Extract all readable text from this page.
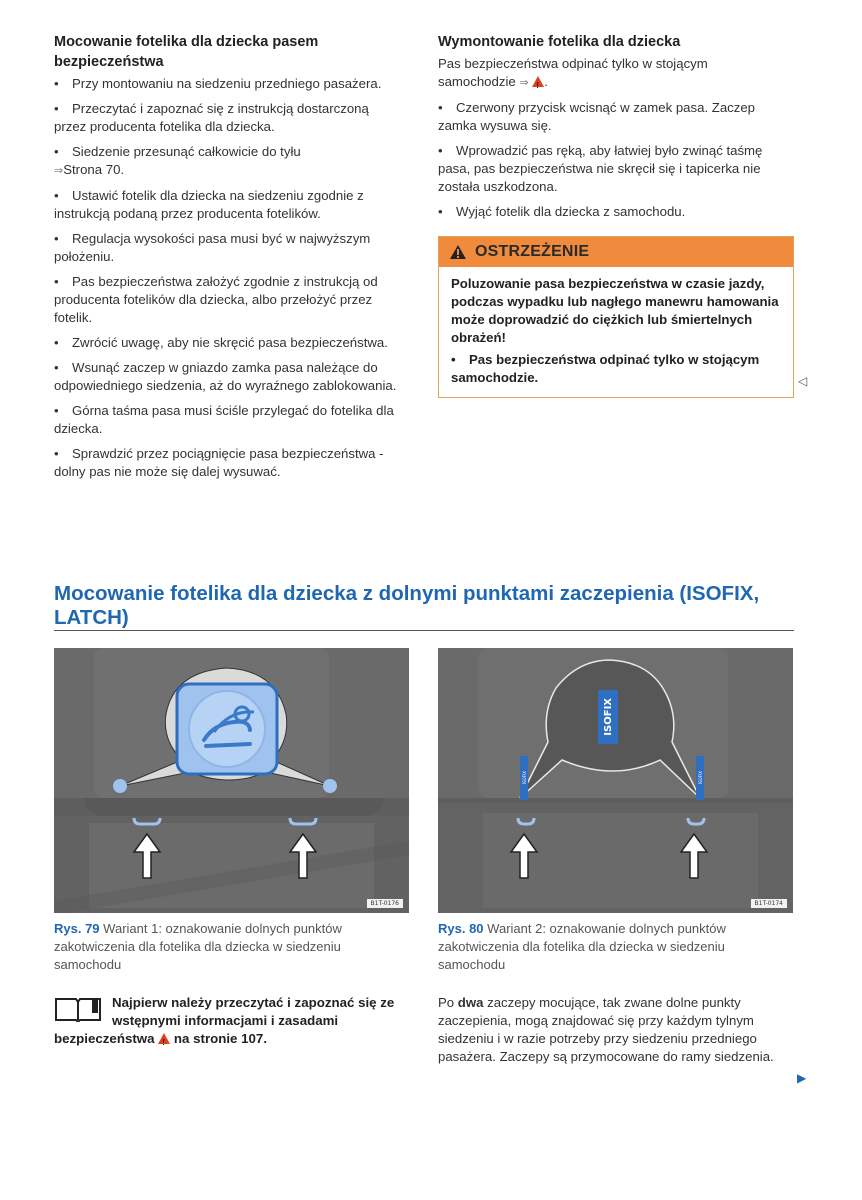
Mocowanie fotelika dla dziecka pasem bezpieczeństwa
• Przy montowaniu na siedzeniu przedniego pasażera.
• Przeczytać i zapoznać się z instrukcją dostarczoną przez producenta fotelika dla dziecka.
• Siedzenie przesunąć całkowicie do tyłu
⇒Strona 70.
• Ustawić fotelik dla dziecka na siedzeniu zgodnie z instrukcją podaną przez producenta fotelików.
• Regulacja wysokości pasa musi być w najwyższym położeniu.
• Pas bezpieczeństwa założyć zgodnie z instrukcją od producenta fotelików dla dziecka, albo przełożyć przez fotelik.
• Zwrócić uwagę, aby nie skręcić pasa bezpieczeństwa.
• Wsunąć zaczep w gniazdo zamka pasa należące do odpowiedniego siedzenia, aż do wyraźnego zablokowania.
• Górna taśma pasa musi ściśle przylegać do fotelika dla dziecka.
• Sprawdzić przez pociągnięcie pasa bezpieczeństwa - dolny pas nie może się dalej wysuwać.
Wymontowanie fotelika dla dziecka
Pas bezpieczeństwa odpinać tylko w stojącym samochodzie ⇒ ! .
• Czerwony przycisk wcisnąć w zamek pasa. Zaczep zamka wysuwa się.
• Wprowadzić pas ręką, aby łatwiej było zwinąć taśmę pasa, pas bezpieczeństwa nie skręcił się i tapicerka nie została uszkodzona.
• Wyjąć fotelik dla dziecka z samochodu.
OSTRZEŻENIE

Poluzowanie pasa bezpieczeństwa w czasie jazdy, podczas wypadku lub nagłego manewru hamowania może doprowadzić do ciężkich lub śmiertelnych obrażeń!

• Pas bezpieczeństwa odpinać tylko w stojącym samochodzie.	◁
Mocowanie fotelika dla dziecka z dolnymi punktami zaczepienia (ISOFIX, LATCH)
B1T-0176
ISOFIX
ISOFIX	ISOFIX
B1T-0174
Rys. 79 Wariant 1: oznakowanie dolnych punktów zakotwiczenia dla fotelika dla dziecka w siedzeniu samochodu
Rys. 80 Wariant 2: oznakowanie dolnych punktów zakotwiczenia dla fotelika dla dziecka w siedzeniu samochodu
Najpierw należy przeczytać i zapoznać się ze wstępnymi informacjami i zasadami bezpieczeństwa ! na stronie 107.
Po dwa zaczepy mocujące, tak zwane dolne punkty zaczepienia, mogą znajdować się przy każdym tylnym siedzeniu i w razie potrzeby przy siedzeniu przedniego pasażera. Zaczepy są przymocowane do ramy siedzenia.
▶
